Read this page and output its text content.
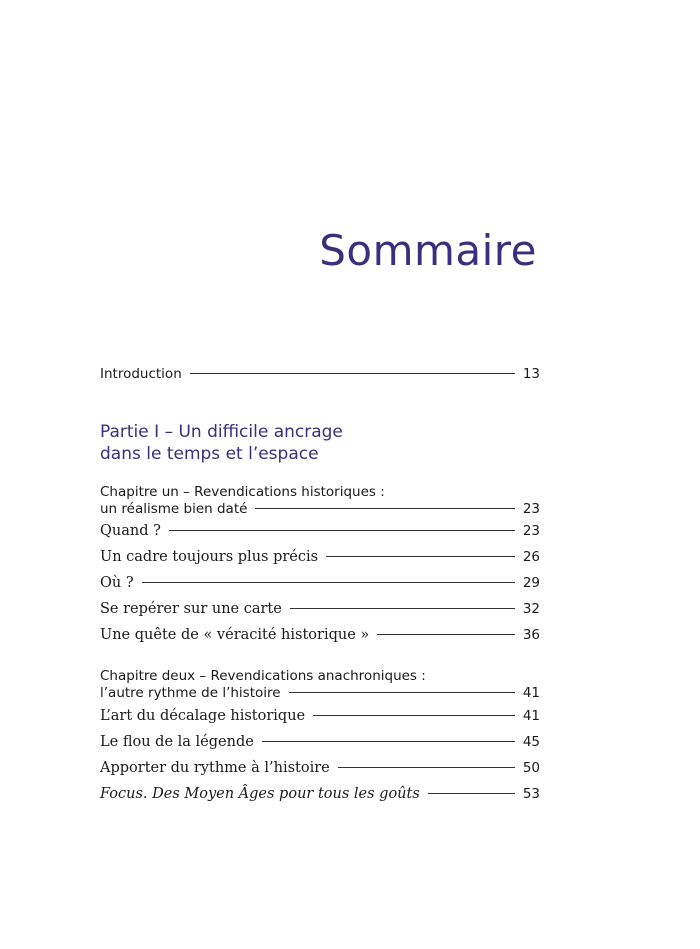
Sommaire
Introduction	13
Partie I – Un difficile ancrage
dans le temps et l’espace
Chapitre un – Revendications historiques :
un réalisme bien daté	23
Quand ?	23
Un cadre toujours plus précis	26
Où ?	29
Se repérer sur une carte	32
Une quête de « véracité historique »	36
Chapitre deux – Revendications anachroniques :
l’autre rythme de l’histoire	41
L’art du décalage historique	41
Le flou de la légende	45
Apporter du rythme à l’histoire	50
Focus. Des Moyen Âges pour tous les goûts	53
